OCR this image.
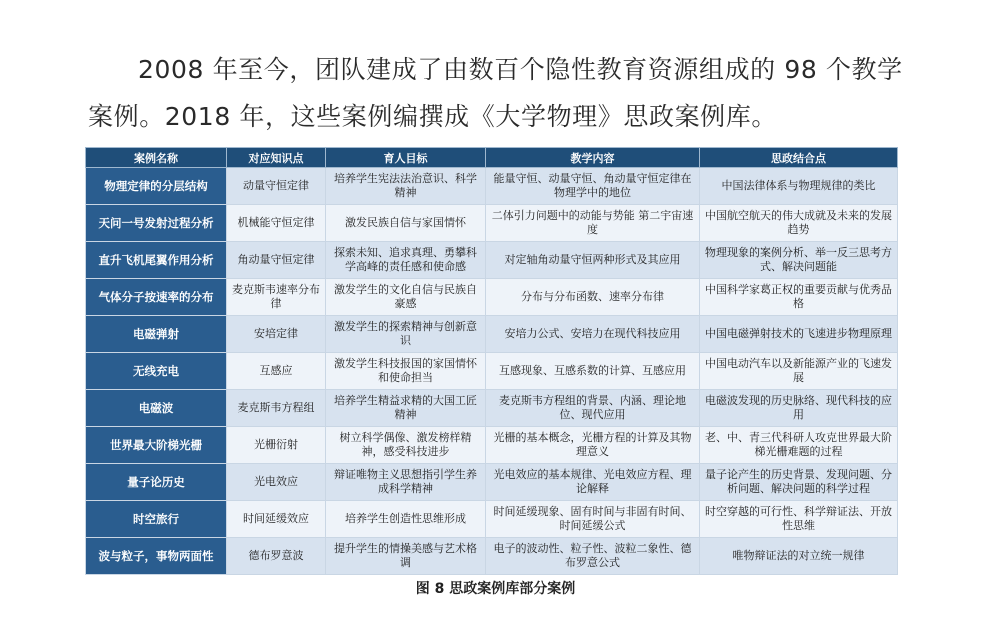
2008 年至今，团队建成了由数百个隐性教育资源组成的 98 个教学
案例。2018 年，这些案例编撰成《大学物理》思政案例库。
案例名称	对应知识点	育人目标	教学内容	思政结合点
物理定律的分层结构	动量守恒定律	培养学生宪法法治意识、科学精神	能量守恒、动量守恒、角动量守恒定律在物理学中的地位	中国法律体系与物理规律的类比
天问一号发射过程分析	机械能守恒定律	激发民族自信与家国情怀	二体引力问题中的动能与势能 第二宇宙速度	中国航空航天的伟大成就及未来的发展趋势
直升飞机尾翼作用分析	角动量守恒定律	探索未知、追求真理、勇攀科学高峰的责任感和使命感	对定轴角动量守恒两种形式及其应用	物理现象的案例分析、举一反三思考方式、解决问题能
气体分子按速率的分布	麦克斯韦速率分布律	激发学生的文化自信与民族自豪感	分布与分布函数、速率分布律	中国科学家葛正权的重要贡献与优秀品格
电磁弹射	安培定律	激发学生的探索精神与创新意识	安培力公式、安培力在现代科技应用	中国电磁弹射技术的飞速进步物理原理
无线充电	互感应	激发学生科技报国的家国情怀和使命担当	互感现象、互感系数的计算、互感应用	中国电动汽车以及新能源产业的飞速发展
电磁波	麦克斯韦方程组	培养学生精益求精的大国工匠精神	麦克斯韦方程组的背景、内涵、理论地位、现代应用	电磁波发现的历史脉络、现代科技的应用
世界最大阶梯光栅	光栅衍射	树立科学偶像、激发榜样精神，感受科技进步	光栅的基本概念，光栅方程的计算及其物理意义	老、中、青三代科研人攻克世界最大阶梯光栅难题的过程
量子论历史	光电效应	辩证唯物主义思想指引学生养成科学精神	光电效应的基本规律、光电效应方程、理论解释	量子论产生的历史背景、发现问题、分析问题、解决问题的科学过程
时空旅行	时间延缓效应	培养学生创造性思维形成	时间延缓现象、固有时间与非固有时间、时间延缓公式	时空穿越的可行性、科学辩证法、开放性思维
波与粒子，事物两面性	德布罗意波	提升学生的情操美感与艺术格调	电子的波动性、粒子性、波粒二象性、德布罗意公式	唯物辩证法的对立统一规律
图 8 思政案例库部分案例
